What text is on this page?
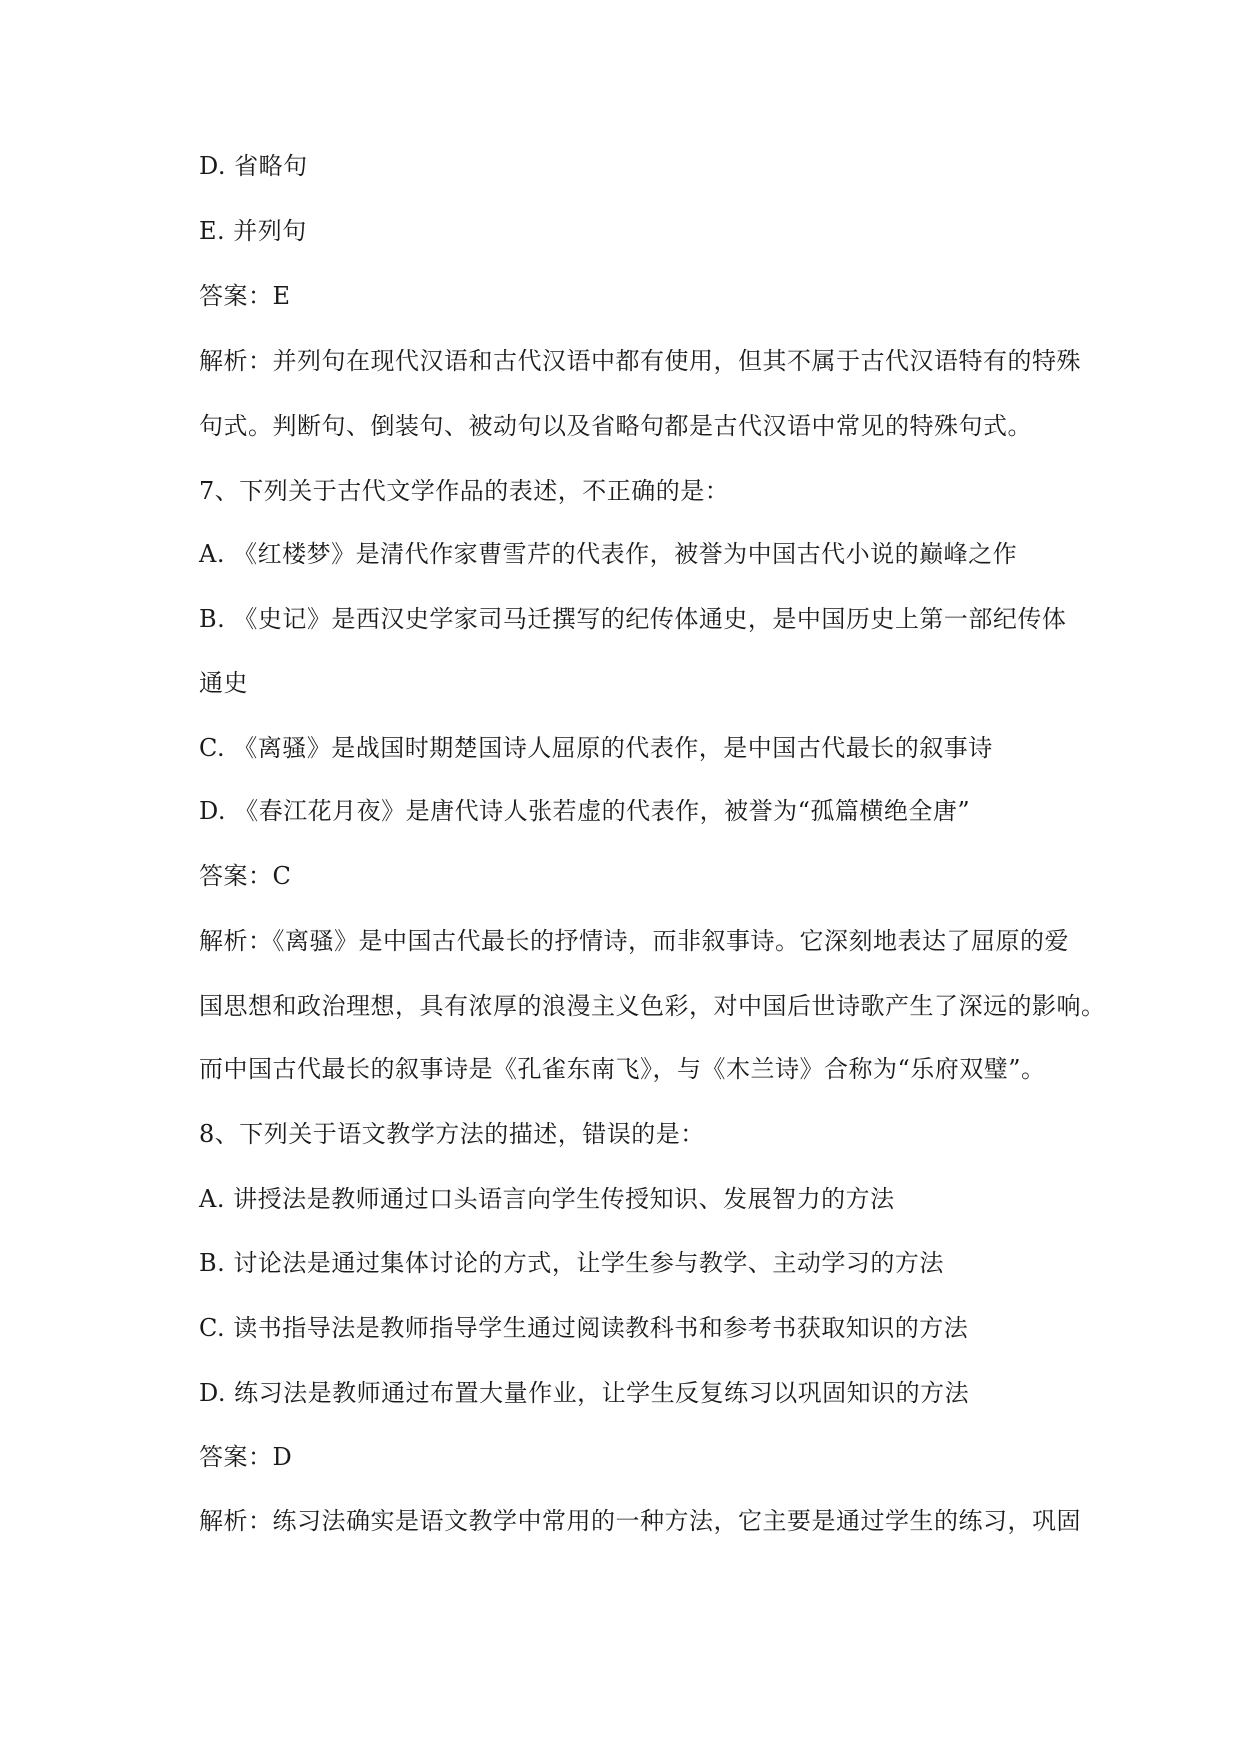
D. 省略句
E. 并列句
答案：E
解析：并列句在现代汉语和古代汉语中都有使用，但其不属于古代汉语特有的特殊
句式。判断句、倒装句、被动句以及省略句都是古代汉语中常见的特殊句式。
7、下列关于古代文学作品的表述，不正确的是：
A. 《红楼梦》是清代作家曹雪芹的代表作，被誉为中国古代小说的巅峰之作
B. 《史记》是西汉史学家司马迁撰写的纪传体通史，是中国历史上第一部纪传体
通史
C. 《离骚》是战国时期楚国诗人屈原的代表作，是中国古代最长的叙事诗
D. 《春江花月夜》是唐代诗人张若虚的代表作，被誉为“孤篇横绝全唐”
答案：C
解析：《离骚》是中国古代最长的抒情诗，而非叙事诗。它深刻地表达了屈原的爱
国思想和政治理想，具有浓厚的浪漫主义色彩，对中国后世诗歌产生了深远的影响。
而中国古代最长的叙事诗是《孔雀东南飞》，与《木兰诗》合称为“乐府双璧”。
8、下列关于语文教学方法的描述，错误的是：
A. 讲授法是教师通过口头语言向学生传授知识、发展智力的方法
B. 讨论法是通过集体讨论的方式，让学生参与教学、主动学习的方法
C. 读书指导法是教师指导学生通过阅读教科书和参考书获取知识的方法
D. 练习法是教师通过布置大量作业，让学生反复练习以巩固知识的方法
答案：D
解析：练习法确实是语文教学中常用的一种方法，它主要是通过学生的练习，巩固
